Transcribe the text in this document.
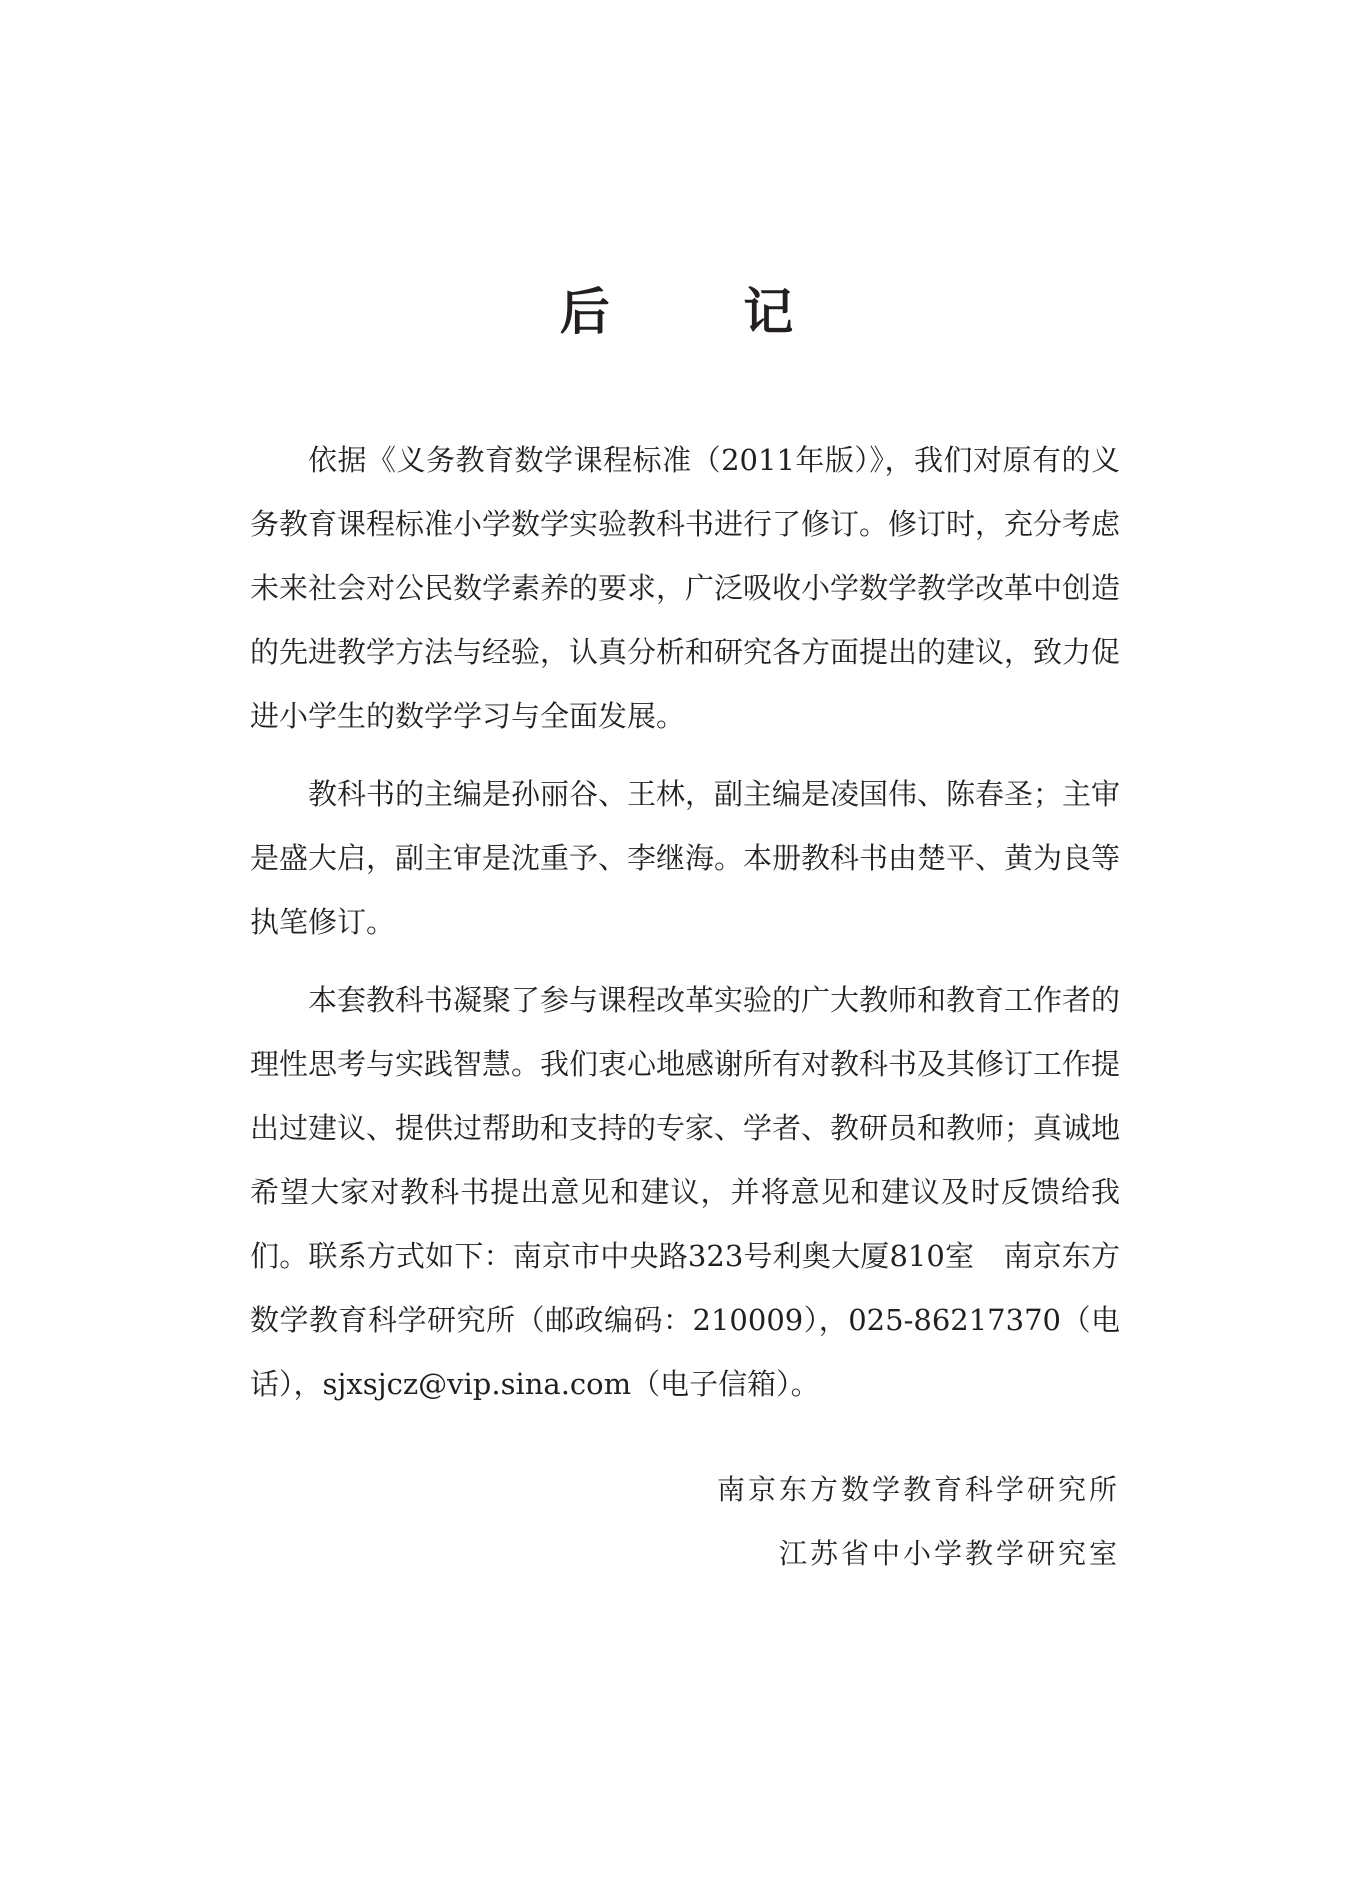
后 记

依据《义务教育数学课程标准（2011年版）》，我们对原有的义务教育课程标准小学数学实验教科书进行了修订。修订时，充分考虑未来社会对公民数学素养的要求，广泛吸收小学数学教学改革中创造的先进教学方法与经验，认真分析和研究各方面提出的建议，致力促进小学生的数学学习与全面发展。

教科书的主编是孙丽谷、王林，副主编是凌国伟、陈春圣；主审是盛大启，副主审是沈重予、李继海。本册教科书由楚平、黄为良等执笔修订。

本套教科书凝聚了参与课程改革实验的广大教师和教育工作者的理性思考与实践智慧。我们衷心地感谢所有对教科书及其修订工作提出过建议、提供过帮助和支持的专家、学者、教研员和教师；真诚地希望大家对教科书提出意见和建议，并将意见和建议及时反馈给我们。联系方式如下：南京市中央路323号利奥大厦810室　南京东方数学教育科学研究所（邮政编码：210009），025-86217370（电话），sjxsjcz@vip.sina.com（电子信箱）。

南京东方数学教育科学研究所

江苏省中小学教学研究室
